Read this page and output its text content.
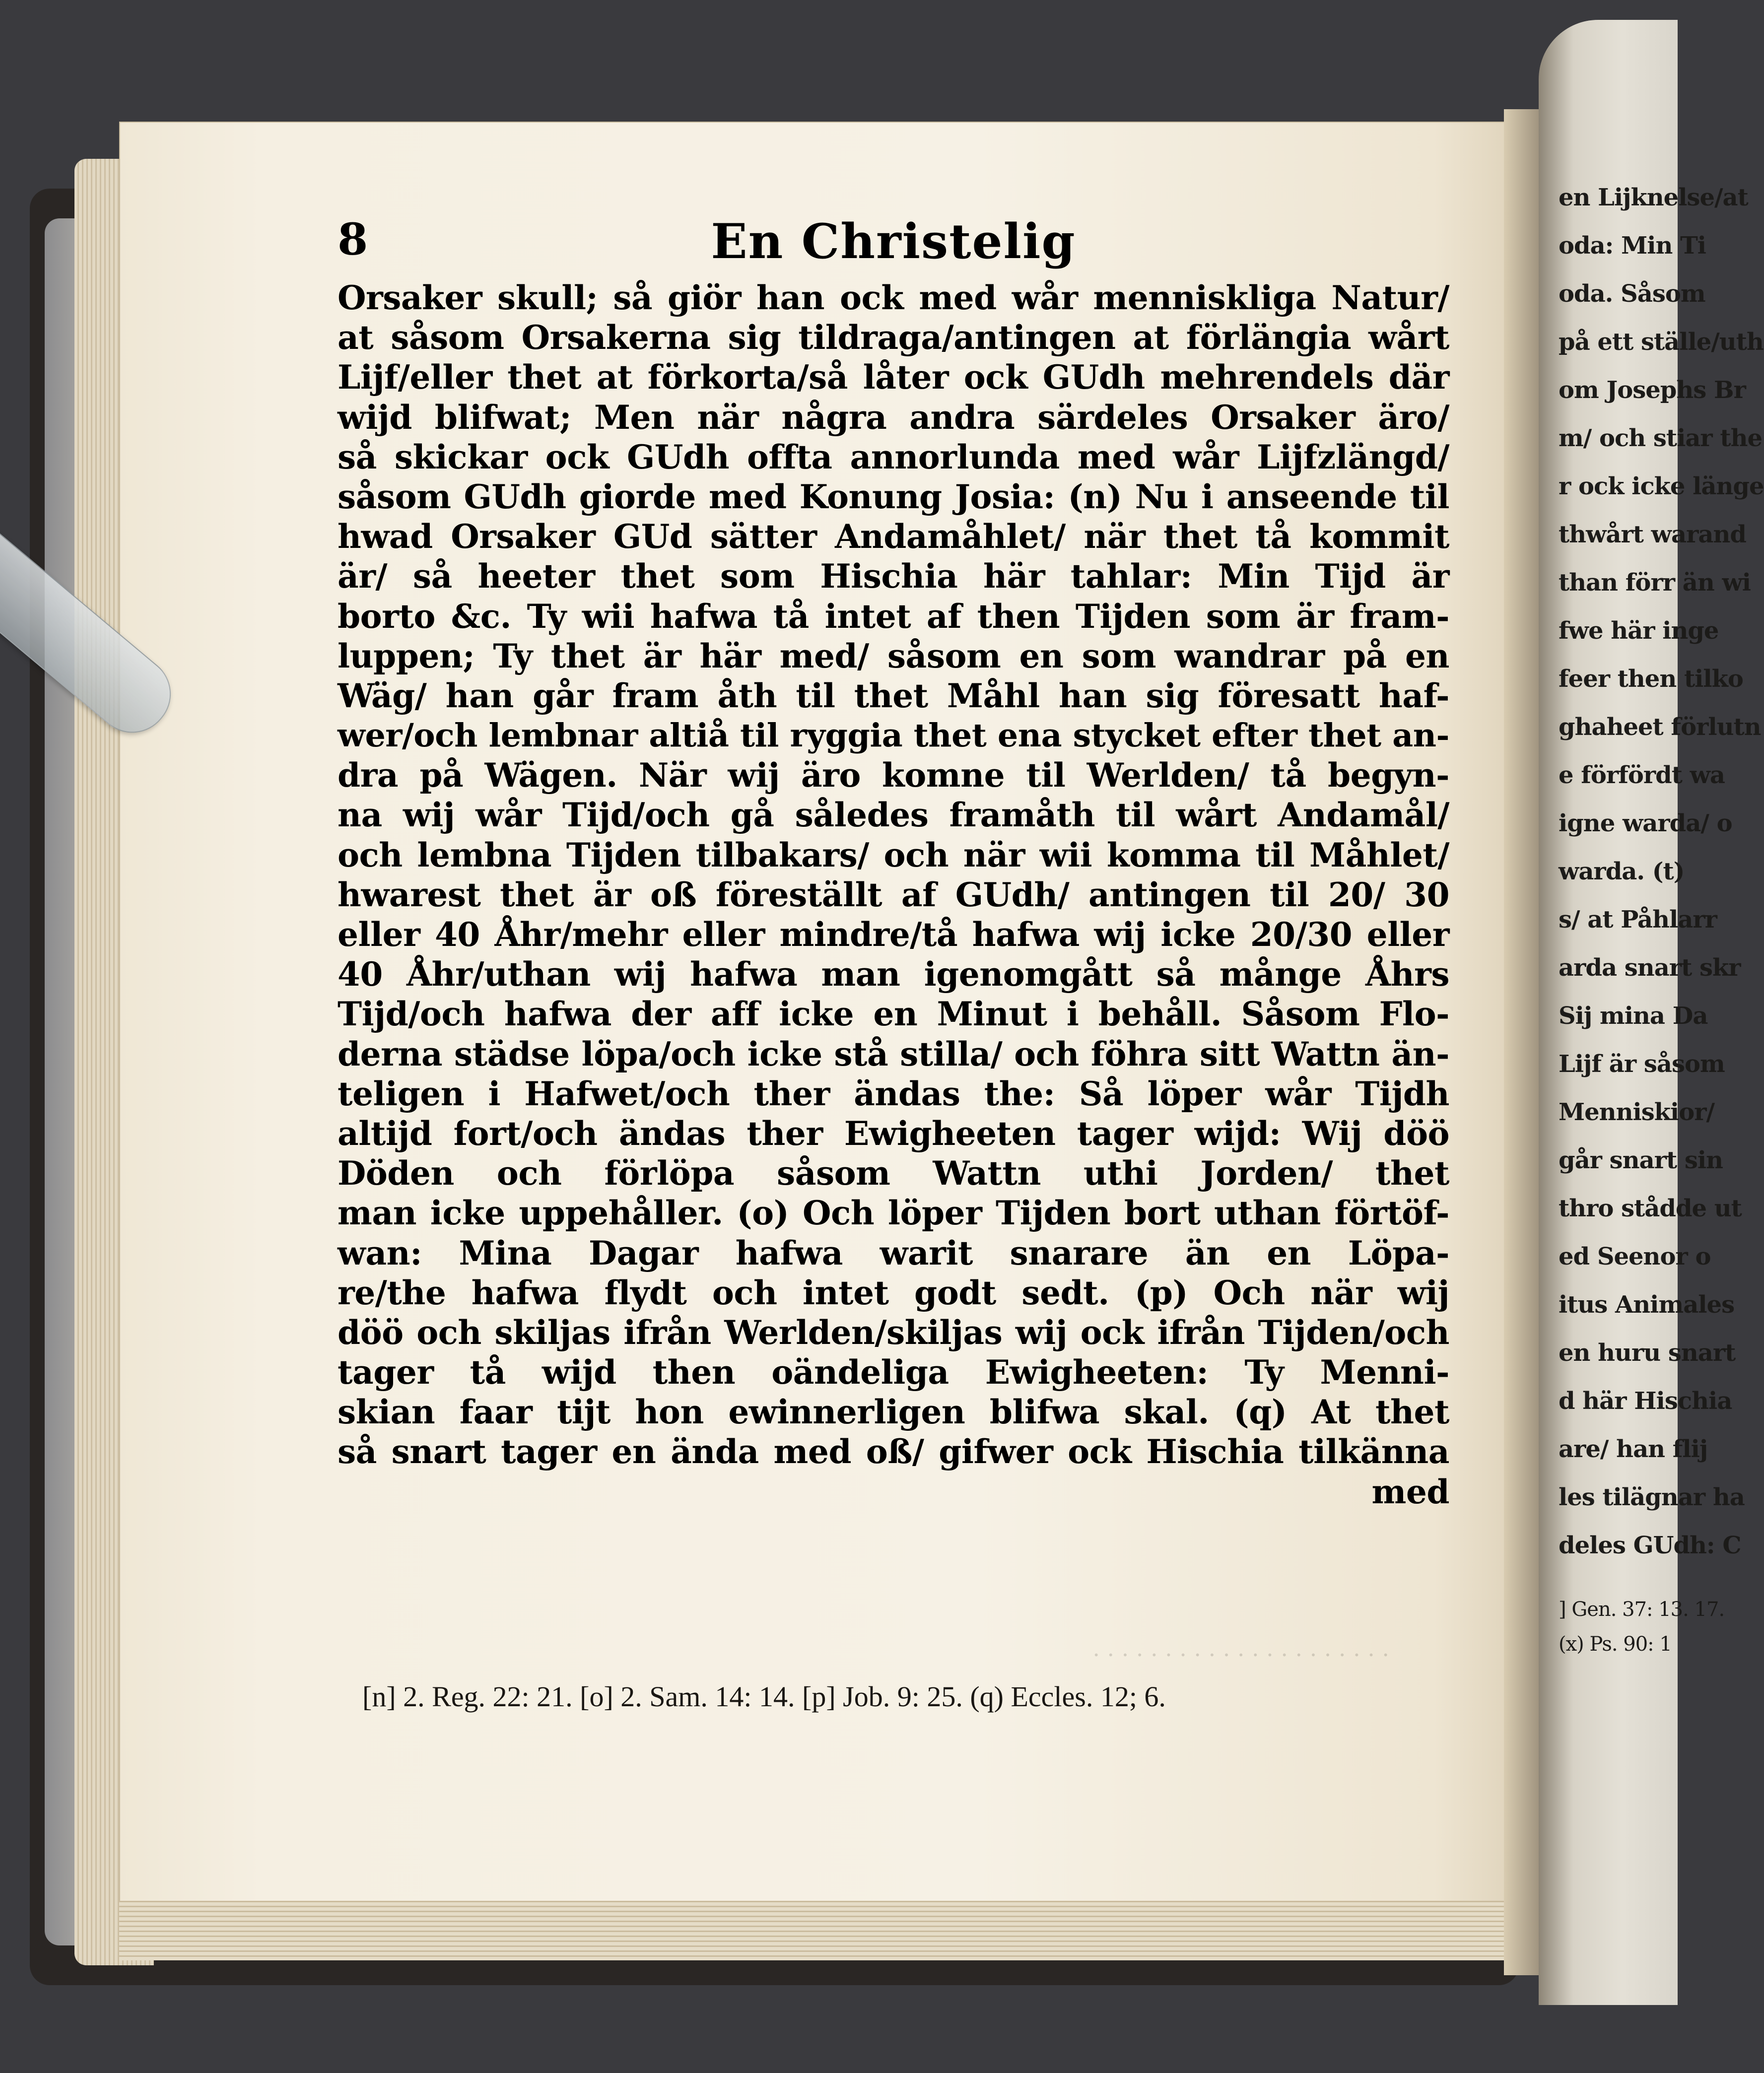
en Lijknelse/at
oda: Min Ti
oda. Såsom
på ett ställe/uth
om Josephs Br
m/ och stiar the
r ock icke länge
thwårt warand
than förr än wi
fwe här inge
feer then tilko
ghaheet förlutn
e förfördt wa
igne warda/ o
warda. (t)
s/ at Påhlarr
arda snart skr
Sij mina Da
Lijf är såsom
Menniskior/
går snart sin
thro stådde ut
ed Seenor o
itus Animales
en huru snart
d här Hischia
are/ han flij
les tilägnar ha
deles GUdh: C
] Gen. 37: 13. 17.
(x) Ps. 90: 1
8	En Christelig
Orsaker skull; så giör han ock med wår menniskliga Natur/
at såsom Orsakerna sig tildraga/antingen at förlängia wårt
Lijf/eller thet at förkorta/så låter ock GUdh mehrendels där
wijd blifwat; Men när några andra särdeles Orsaker äro/
så skickar ock GUdh offta annorlunda med wår Lijfzlängd/
såsom GUdh giorde med Konung Josia: (n) Nu i anseende til
hwad Orsaker GUd sätter Andamåhlet/ när thet tå kommit
är/ så heeter thet som Hischia här tahlar: Min Tijd är
borto &c. Ty wii hafwa tå intet af then Tijden som är fram-
luppen; Ty thet är här med/ såsom en som wandrar på en
Wäg/ han går fram åth til thet Måhl han sig föresatt haf-
wer/och lembnar altiå til ryggia thet ena stycket efter thet an-
dra på Wägen. När wij äro komne til Werlden/ tå begyn-
na wij wår Tijd/och gå således framåth til wårt Andamål/
och lembna Tijden tilbakars/ och när wii komma til Måhlet/
hwarest thet är oß föreställt af GUdh/ antingen til 20/ 30
eller 40 Åhr/mehr eller mindre/tå hafwa wij icke 20/30 eller
40 Åhr/uthan wij hafwa man igenomgått så månge Åhrs
Tijd/och hafwa der aff icke en Minut i behåll. Såsom Flo-
derna städse löpa/och icke stå stilla/ och föhra sitt Wattn än-
teligen i Hafwet/och ther ändas the: Så löper wår Tijdh
altijd fort/och ändas ther Ewigheeten tager wijd: Wij döö
Döden och förlöpa såsom Wattn uthi Jorden/ thet
man icke uppehåller. (o) Och löper Tijden bort uthan förtöf-
wan: Mina Dagar hafwa warit snarare än en Löpa-
re/the hafwa flydt och intet godt sedt. (p) Och när wij
döö och skiljas ifrån Werlden/skiljas wij ock ifrån Tijden/och
tager tå wijd then oändeliga Ewigheeten: Ty Menni-
skian faar tijt hon ewinnerligen blifwa skal. (q) At thet
så snart tager en ända med oß/ gifwer ock Hischia tilkänna
med
· · · · · · · · · · · · · · · · · · · · ·
[n] 2. Reg. 22: 21. [o] 2. Sam. 14: 14. [p] Job. 9: 25. (q) Eccles. 12; 6.
